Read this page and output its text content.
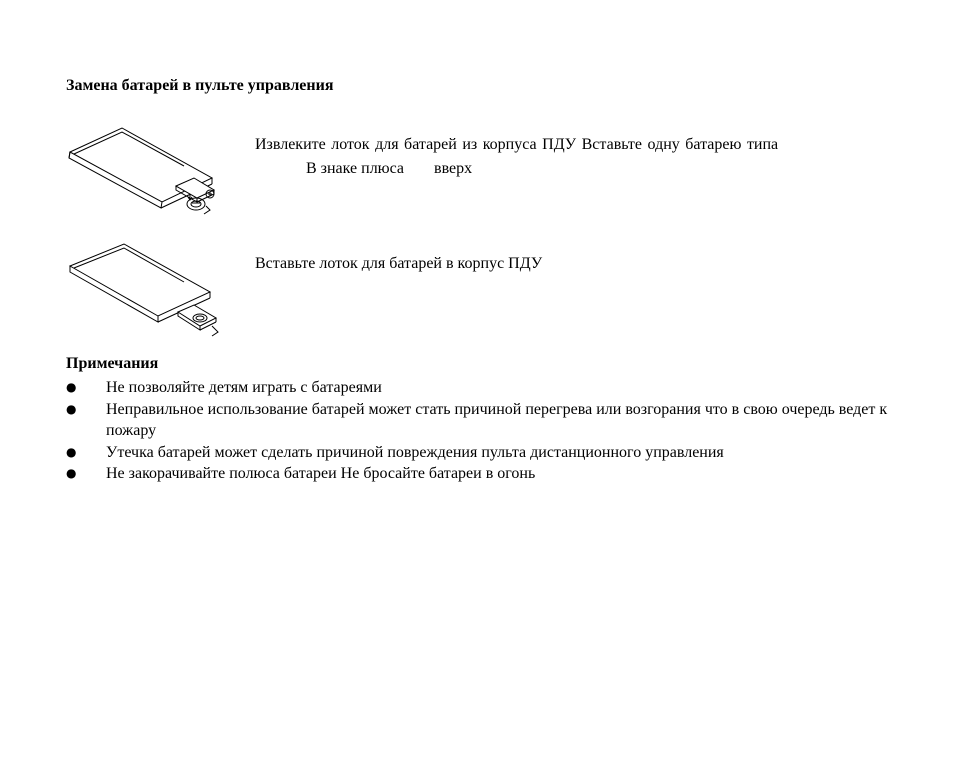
Замена батарей в пульте управления
Извлеките лоток для батарей из корпуса ПДУ Вставьте одну батарею типа
В знаке плюса вверх
Вставьте лоток для батарей в корпус ПДУ
Примечания
● Не позволяйте детям играть с батареями
● Неправильное использование батарей может стать причиной перегрева или возгорания что в свою очередь ведет к пожару
● Утечка батарей может сделать причиной повреждения пульта дистанционного управления
● Не закорачивайте полюса батареи Не бросайте батареи в огонь
